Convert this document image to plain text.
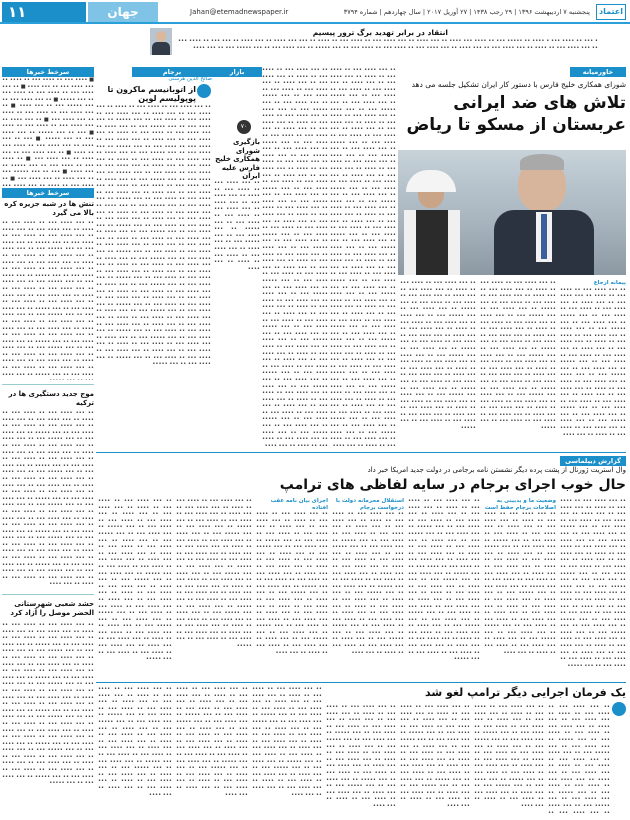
۱۱	جهان	Jahan@etemadnewspaper.ir	پنجشنبه ۷ اردیبهشت ۱۳۹۶ | ۲۹ رجب ۱۴۳۸ | ۲۷ آوریل ۲۰۱۷ | سال چهاردهم | شماره ۳۷۹۴	اعتماد
انتقاد در برابر تهدید برگ ترور پیسیم
• ••• •• •••• ••• • •••• •• ••••• ••• •• •••• ••• •••• •• ••• •••• •• ••• •••• ••• •• •••• ••• •• •••• •• ••• ••• •••• •• ••• •••• •• ••• ••• •• •••• ••• •• ••• •••• ••• •• •••• •• ••• •••• ••• •• ••• •••• •• ••• •••• ••• •• •••• ••• •• •••• ••• •• ••• ••••• •• ••• •••• ••• •• ••• ••••• ••• •• ••• ••••
برجام
صالح الدین هرسنی
از اتوبانیسم ماکرون تا پوپولیسم لوپن
•• ••• •••• ••• •• •••• ••• •• •••• •• ••• •••• ••• •• ••• •••• •• ••• •••• ••• •• •••• ••• •• •••• ••• •• ••• ••••• •• ••• •••• ••• •• ••• ••••• ••• •• ••• •••• •• ••• •••• ••• •• •••• ••• •• •••• •• ••• •••• ••• •• ••• •••• •• ••• •••• ••• •• •••• ••• •• •••• ••• •• ••• ••••• •• ••• •••• ••• •• ••• ••••• ••• •• ••• •••• •• ••• •••• ••• •• •••• ••• •• •••• •• ••• •••• ••• •• ••• •••• •• ••• •••• ••• •• •••• ••• •• •••• ••• •• ••• ••••• •• ••• •••• ••• •• ••• ••••• ••• •• ••• •••• •• ••• •••• ••• •• •••• ••• •• •••• •• ••• •••• ••• •• ••• •••• •• ••• •••• ••• •• •••• ••• •• •••• ••• •• ••• ••••• •• ••• •••• ••• •• ••• ••••• ••• •• ••• •••• •• ••• •••• ••• •• •••• ••• •• •••• •• ••• •••• ••• •• ••• •••• •• ••• •••• ••• •• •••• ••• •• •••• ••• •• ••• ••••• •• ••• •••• ••• •• ••• ••••• ••• •• ••• •••• •• ••• •••• ••• •• •••• ••• •• •••• •• ••• •••• ••• •• ••• •••• •• ••• •••• ••• •• •••• ••• •• •••• ••• •• ••• ••••• •• ••• •••• ••• •• ••• ••••• ••• •• ••• •••• •• ••• •••• ••• •• •••• ••• •• •••• •• ••• •••• ••• •• ••• •••• •• ••• •••• ••• •• •••• ••• •• •••• ••• •• ••• ••••• •• ••• •••• ••• •• ••• ••••• ••• •• ••• •••• •• ••• •••• ••• •• •••• ••• •• •••• •• ••• •••• ••• •• ••• •••• •• ••• •••• ••• •• •••• ••• •• •••• ••• •• ••• ••••• •• ••• •••• ••• •• ••• ••••• ••• •• ••• •••• •• ••• •••• ••• •• •••• ••• •• •••• •• ••• •••• ••• •• ••• •••• •• ••• •••• ••• •• •••• ••• •• •••• ••• •• ••• ••••• •• ••• •••• ••• •• ••• ••••• ••• •• ••• •••• •• ••• •••• ••• •• •••• ••• •• •••• •• ••• •••• ••• •• ••• •••• •• ••• •••• ••• •• •••• ••• •• •••• ••• •• ••• ••••• •• ••• •••• ••• •• ••• •••••
سرخط خبرها
■ •••• ••• •• •••• ••• •• •••• •• ••• •••• ••• •• ••• •••• ■ •• ••• •••• ••• •• •••• ••• •• •••• ••• •• ••• ••••• ■ •• ••• •••• ••• •• ••• ••••• ••• •• ••• •••• ■ •• ••• •••• ••• •• •••• ••• •• •••• •• ••• •••• ••• ■ •• ••• •••• •• ••• •••• ••• •• •••• ••• •• •••• ■ ••• •• ••• ••••• •• ••• •••• ••• •• ••• ••••• ■ ••• •• ••• •••• •• ••• •••• ••• •• •••• ••• •• •••• ■ •• ••• •••• ••• •• ••• •••• •• ••• •••• ••• ■ •• •••• ••• •• •••• ••• •• ••• ••••• •• ••• •••• ■ ••• •• ••• ••••• ••• •• ••• •••• •• ••• •••• ••• ■ •• •••• ••• •• •••• •• ••• •••• •••
سرخط خبرها
تنش ها در شبه جزیره کره بالا می گیرد
•• ••• •••• ••• •• •••• ••• •• •••• •• ••• •••• ••• •• ••• •••• •• ••• •••• ••• •• •••• ••• •• •••• ••• •• ••• ••••• •• ••• •••• ••• •• ••• ••••• ••• •• ••• •••• •• ••• •••• ••• •• •••• ••• •• •••• •• ••• •••• ••• •• ••• •••• •• ••• •••• ••• •• •••• ••• •• •••• ••• •• ••• ••••• •• ••• •••• ••• •• ••• ••••• ••• •• ••• •••• •• ••• •••• ••• •• •••• ••• •• •••• •• ••• •••• ••• •• ••• •••• •• ••• •••• ••• •• •••• ••• •• •••• ••• •• ••• ••••• •• ••• •••• ••• •• ••• ••••• ••• •• ••• •••• •• ••• •••• ••• •• •••• ••• •• •••• •• ••• •••• ••• •• ••• •••• •• ••• •••• ••• •• •••• ••• •• •••• ••• •• ••• ••••• •• ••• •••• ••• •• ••• ••••• ••• •• ••• •••• •• ••• •••• ••• •• •••• ••• •• •••• •• ••• •••• ••• •• ••• •••• •• ••• •••• ••• •• •••• ••• •• •••• ••• •• ••• ••••• •• ••• ••••
موج جدید دستگیری ها در ترکیه
•• ••• •••• ••• •• •••• ••• •• •••• •• ••• •••• ••• •• ••• •••• •• ••• •••• ••• •• •••• ••• •• •••• ••• •• ••• ••••• •• ••• •••• ••• •• ••• ••••• ••• •• ••• •••• •• ••• •••• ••• •• •••• ••• •• •••• •• ••• •••• ••• •• ••• •••• •• ••• •••• ••• •• •••• ••• •• •••• ••• •• ••• ••••• •• ••• •••• ••• •• ••• ••••• ••• •• ••• •••• •• ••• •••• ••• •• •••• ••• •• •••• •• ••• •••• ••• •• ••• •••• •• ••• •••• ••• •• •••• ••• •• •••• ••• •• ••• ••••• •• ••• •••• ••• •• ••• ••••• ••• •• ••• •••• •• ••• •••• ••• •• •••• ••• •• •••• •• ••• •••• ••• •• ••• •••• •• ••• •••• ••• •• •••• ••• •• •••• ••• •• ••• ••••• •• ••• •••• ••• •• ••• ••••• ••• •• ••• •••• •• ••• •••• ••• •• •••• ••• •• •••• •• ••• •••• ••• •• ••• •••• •• ••• •••• ••• •• •••• ••• •• •••• ••• •• ••• ••••• •• ••• •••• ••• •• ••• ••••• ••• •• ••• •••• •• ••• •••• ••• •• •••• ••• •• •••• •• ••• ••••
حشد شعبی شهرستانی الحضر موصل را آزاد کرد
•• ••• •••• ••• •• •••• ••• •• •••• •• ••• •••• ••• •• ••• •••• •• ••• •••• ••• •• •••• ••• •• •••• ••• •• ••• ••••• •• ••• •••• ••• •• ••• ••••• ••• •• ••• •••• •• ••• •••• ••• •• •••• ••• •• •••• •• ••• •••• ••• •• ••• •••• •• ••• •••• ••• •• •••• ••• •• •••• ••• •• ••• ••••• •• ••• •••• ••• •• ••• ••••• ••• •• ••• •••• •• ••• •••• ••• •• •••• ••• •• •••• •• ••• •••• ••• •• ••• •••• •• ••• •••• ••• •• •••• ••• •• •••• ••• •• ••• ••••• •• ••• •••• ••• •• ••• ••••• ••• •• ••• •••• •• ••• •••• ••• •• •••• ••• •• •••• •• ••• •••• ••• •• ••• •••• •• ••• •••• ••• •• •••• ••• •• •••• ••• •• ••• ••••• •• ••• •••• ••• •• ••• ••••• ••• •• ••• •••• •• ••• •••• ••• •• •••• ••• •• •••• •• ••• •••• ••• •• ••• •••• •• ••• •••• ••• •• •••• ••• •• •••• ••• •• ••• ••••• •• ••• •••• ••• •• ••• •••••
بازار
۷۰
بازگیری شورای همکاری خلیج فارس علیه ایران
•• ••• •••• ••• •• •••• ••• •• •••• •• ••• •••• ••• •• ••• •••• •• ••• •••• ••• •• •••• ••• •• •••• ••• •• ••• ••••• •• ••• •••• ••• •• ••• ••••• ••• •• ••• •••• •• ••• •••• ••• •• •••• ••• •• •••• •• ••• ••••
•• ••• •••• ••• •• •••• ••• •• •••• •• ••• •••• ••• •• ••• •••• •• ••• •••• ••• •• •••• ••• •• •••• ••• •• ••• ••••• •• ••• •••• ••• •• ••• ••••• ••• •• ••• •••• •• ••• •••• ••• •• •••• ••• •• •••• •• ••• •••• ••• •• ••• •••• •• ••• •••• ••• •• •••• ••• •• •••• ••• •• ••• ••••• •• ••• •••• ••• •• ••• ••••• ••• •• ••• •••• •• ••• •••• ••• •• •••• ••• •• •••• •• ••• •••• ••• •• ••• •••• •• ••• •••• ••• •• •••• ••• •• •••• ••• •• ••• ••••• •• ••• •••• ••• •• ••• ••••• ••• •• ••• •••• •• ••• •••• ••• •• •••• ••• •• •••• •• ••• •••• ••• •• ••• •••• •• ••• •••• ••• •• •••• ••• •• •••• ••• •• ••• ••••• •• ••• •••• ••• •• ••• ••••• ••• •• ••• •••• •• ••• •••• ••• •• •••• ••• •• •••• •• ••• •••• ••• •• ••• •••• •• ••• •••• ••• •• •••• ••• •• •••• ••• •• ••• ••••• •• ••• •••• ••• •• ••• ••••• ••• •• ••• •••• •• ••• •••• ••• •• •••• ••• •• •••• •• ••• •••• ••• •• ••• •••• •• ••• •••• ••• •• •••• ••• •• •••• ••• •• ••• ••••• •• ••• •••• ••• •• ••• ••••• ••• •• ••• •••• •• ••• •••• ••• •• •••• ••• •• •••• •• ••• •••• ••• •• ••• •••• •• ••• •••• ••• •• •••• ••• •• •••• ••• •• ••• ••••• •• ••• •••• ••• •• ••• ••••• ••• •• ••• •••• •• ••• •••• ••• •• •••• ••• •• •••• •• ••• •••• ••• •• ••• •••• •• ••• •••• ••• •• •••• ••• •• •••• ••• •• ••• ••••• •• ••• •••• ••• •• ••• ••••• ••• •• ••• •••• •• ••• •••• ••• •• •••• ••• •• •••• •• ••• ••••
•• ••• •••• ••• •• •••• ••• •• •••• •• ••• •••• ••• •• ••• •••• •• ••• •••• ••• •• •••• ••• •• •••• ••• •• ••• ••••• •• ••• •••• ••• •• ••• ••••• ••• •• ••• •••• •• ••• •••• ••• •• •••• ••• •• •••• •• ••• •••• ••• •• ••• •••• •• ••• •••• ••• •• •••• ••• •• •••• ••• •• ••• ••••• •• ••• •••• ••• •• ••• ••••• ••• •• ••• •••• •• ••• •••• ••• •• •••• ••• •• •••• •• ••• •••• ••• •• ••• •••• •• ••• •••• ••• •• •••• ••• •• •••• ••• •• ••• ••••• •• ••• •••• ••• •• ••• ••••• ••• •• ••• •••• •• ••• •••• ••• •• •••• ••• •• •••• •• ••• •••• ••• •• ••• •••• •• ••• •••• ••• •• •••• ••• •• •••• ••• •• ••• ••••• •• ••• •••• ••• •• ••• ••••• ••• •• ••• •••• •• ••• •••• ••• •• •••• ••• •• •••• •• ••• •••• ••• •• ••• •••• •• ••• •••• ••• •• •••• ••• •• •••• ••• •• ••• ••••• •• ••• •••• ••• •• ••• ••••• ••• •• ••• •••• •• ••• •••• ••• •• •••• ••• •• •••• •• ••• •••• ••• •• ••• •••• •• ••• •••• ••• •• •••• ••• •• •••• ••• •• ••• ••••• •• ••• •••• ••• •• ••• ••••• ••• •• ••• •••• •• ••• •••• ••• •• •••• ••• •• •••• •• ••• •••• ••• •• ••• •••• •• ••• •••• ••• •• •••• ••• •• •••• ••• •• ••• ••••• •• ••• •••• ••• •• ••• ••••• ••• •• ••• •••• •• ••• •••• ••• •• •••• ••• •• •••• •• ••• •••• ••• •• ••• •••• •• ••• •••• ••• •• •••• ••• •• •••• ••• •• ••• ••••• •• ••• •••• ••• •• ••• ••••• ••• •• ••• •••• •• ••• •••• ••• •• •••• ••• •• •••• •• ••• ••••
خاورمیانه
شورای همکاری خلیج فارس با دستور کار ایران تشکیل جلسه می دهد
تلاش های ضد ایرانی عربستان از مسکو تا ریاض
پیمانه ارجاع
•• ••• •••• ••• •• •••• ••• •• •••• •• ••• •••• ••• •• ••• •••• •• ••• •••• ••• •• •••• ••• •• •••• ••• •• ••• ••••• •• ••• •••• ••• •• ••• ••••• ••• •• ••• •••• •• ••• •••• ••• •• •••• ••• •• •••• •• ••• •••• ••• •• ••• •••• •• ••• •••• ••• •• •••• ••• •• •••• ••• •• ••• ••••• •• ••• •••• ••• •• ••• ••••• ••• •• ••• •••• •• ••• •••• ••• •• •••• ••• •• •••• •• ••• •••• ••• •• ••• •••• •• ••• •••• ••• •• •••• ••• •• •••• ••• •• ••• ••••• •• ••• •••• ••• •• ••• ••••• ••• •• ••• •••• •• ••• •••• ••• •• •••• ••• •• •••• •• ••• ••••
•• ••• •••• ••• •• •••• ••• •• •••• •• ••• •••• ••• •• ••• •••• •• ••• •••• ••• •• •••• ••• •• •••• ••• •• ••• ••••• •• ••• •••• ••• •• ••• ••••• ••• •• ••• •••• •• ••• •••• ••• •• •••• ••• •• •••• •• ••• •••• ••• •• ••• •••• •• ••• •••• ••• •• •••• ••• •• •••• ••• •• ••• ••••• •• ••• •••• ••• •• ••• ••••• ••• •• ••• •••• •• ••• •••• ••• •• •••• ••• •• •••• •• ••• •••• ••• •• ••• •••• •• ••• •••• ••• •• •••• ••• •• •••• ••• •• ••• ••••• •• ••• •••• ••• •• ••• ••••• ••• •• ••• •••• •• ••• •••• ••• •• •••• ••• •• •••• •• ••• •••• ••• •• ••• •••• •• ••• •••• ••• •• •••• ••• •• •••• ••• •• ••• •••••
•• ••• •••• ••• •• •••• ••• •• •••• •• ••• •••• ••• •• ••• •••• •• ••• •••• ••• •• •••• ••• •• •••• ••• •• ••• ••••• •• ••• •••• ••• •• ••• ••••• ••• •• ••• •••• •• ••• •••• ••• •• •••• ••• •• •••• •• ••• •••• ••• •• ••• •••• •• ••• •••• ••• •• •••• ••• •• •••• ••• •• ••• ••••• •• ••• •••• ••• •• ••• ••••• ••• •• ••• •••• •• ••• •••• ••• •• •••• ••• •• •••• •• ••• •••• ••• •• ••• •••• •• ••• •••• ••• •• •••• ••• •• •••• ••• •• ••• ••••• •• ••• •••• ••• •• ••• ••••• ••• •• ••• •••• •• ••• •••• ••• •• •••• ••• •• •••• •• ••• •••• ••• •• ••• •••• •• ••• •••• ••• •• •••• ••• •• •••• ••• •• ••• •••••
گزارش دیپلماسی
وال استریت ژورنال از پشت پرده دیگر نشستن نامه برجامی در دولت جدید امریکا خبر داد
حال خوب اجرای برجام در سایه لفاظی های ترامپ
•• ••• •••• ••• •• •••• ••• •• •••• •• ••• •••• ••• •• ••• •••• •• ••• •••• ••• •• •••• ••• •• •••• ••• •• ••• ••••• •• ••• •••• ••• •• ••• ••••• ••• •• ••• •••• •• ••• •••• ••• •• •••• ••• •• •••• •• ••• •••• ••• •• ••• •••• •• ••• •••• ••• •• •••• ••• •• •••• ••• •• ••• ••••• •• ••• •••• ••• •• ••• ••••• ••• •• ••• •••• •• ••• •••• ••• •• •••• ••• •• •••• •• ••• •••• ••• •• ••• •••• •• ••• •••• ••• •• •••• ••• •• •••• ••• •• ••• ••••• •• ••• •••• ••• •• ••• ••••• ••• •• ••• •••• •• ••• •••• ••• •• •••• ••• •• •••• •• ••• •••• ••• •• ••• •••• •• ••• •••• ••• •• •••• ••• •• •••• ••• •• ••• •••••
وضعیت ما و بدبینی به اصلاحات برجام حفظ است
•• ••• •••• ••• •• •••• ••• •• •••• •• ••• •••• ••• •• ••• •••• •• ••• •••• ••• •• •••• ••• •• •••• ••• •• ••• ••••• •• ••• •••• ••• •• ••• ••••• ••• •• ••• •••• •• ••• •••• ••• •• •••• ••• •• •••• •• ••• •••• ••• •• ••• •••• •• ••• •••• ••• •• •••• ••• •• •••• ••• •• ••• ••••• •• ••• •••• ••• •• ••• ••••• ••• •• ••• •••• •• ••• •••• ••• •• •••• ••• •• •••• •• ••• •••• ••• •• ••• •••• •• ••• •••• ••• •• •••• ••• •• •••• ••• •• ••• ••••• •• ••• •••• ••• •• ••• ••••• ••• •• ••• •••• •• ••• •••• ••• •• •••• ••• •• •••• •• ••• ••••
•• ••• •••• ••• •• •••• ••• •• •••• •• ••• •••• ••• •• ••• •••• •• ••• •••• ••• •• •••• ••• •• •••• ••• •• ••• ••••• •• ••• •••• ••• •• ••• ••••• ••• •• ••• •••• •• ••• •••• ••• •• •••• ••• •• •••• •• ••• •••• ••• •• ••• •••• •• ••• •••• ••• •• •••• ••• •• •••• ••• •• ••• ••••• •• ••• •••• ••• •• ••• ••••• ••• •• ••• •••• •• ••• •••• ••• •• •••• ••• •• •••• •• ••• •••• ••• •• ••• •••• •• ••• •••• ••• •• •••• ••• •• •••• ••• •• ••• ••••• •• ••• •••• ••• •• ••• ••••• ••• •• ••• •••• •• ••• •••• ••• •• •••• ••• •• •••• •• ••• •••• ••• •• ••• •••• •• ••• •••• ••• •• •••• ••• •• •••• ••• •• ••• •••••
استقلال محرمانه دولت با درخواست برجام
•• ••• •••• ••• •• •••• ••• •• •••• •• ••• •••• ••• •• ••• •••• •• ••• •••• ••• •• •••• ••• •• •••• ••• •• ••• ••••• •• ••• •••• ••• •• ••• ••••• ••• •• ••• •••• •• ••• •••• ••• •• •••• ••• •• •••• •• ••• •••• ••• •• ••• •••• •• ••• •••• ••• •• •••• ••• •• •••• ••• •• ••• ••••• •• ••• •••• ••• •• ••• ••••• ••• •• ••• •••• •• ••• •••• ••• •• •••• ••• •• •••• •• ••• •••• ••• •• ••• •••• •• ••• •••• ••• •• •••• ••• •• •••• ••• •• ••• ••••• •• ••• •••• ••• •• ••• ••••• ••• •• ••• •••• •• ••• •••• ••• •• •••• ••• •• •••• •• ••• ••••
اجرای بیان نامه عقب افتاده
•• ••• •••• ••• •• •••• ••• •• •••• •• ••• •••• ••• •• ••• •••• •• ••• •••• ••• •• •••• ••• •• •••• ••• •• ••• ••••• •• ••• •••• ••• •• ••• ••••• ••• •• ••• •••• •• ••• •••• ••• •• •••• ••• •• •••• •• ••• •••• ••• •• ••• •••• •• ••• •••• ••• •• •••• ••• •• •••• ••• •• ••• ••••• •• ••• •••• ••• •• ••• ••••• ••• •• ••• •••• •• ••• •••• ••• •• •••• ••• •• •••• •• ••• •••• ••• •• ••• •••• •• ••• •••• ••• •• •••• ••• •• •••• ••• •• ••• ••••• •• ••• •••• ••• •• ••• ••••• ••• •• ••• •••• •• ••• •••• ••• •• •••• ••• •• •••• •• ••• ••••
•• ••• •••• ••• •• •••• ••• •• •••• •• ••• •••• ••• •• ••• •••• •• ••• •••• ••• •• •••• ••• •• •••• ••• •• ••• ••••• •• ••• •••• ••• •• ••• ••••• ••• •• ••• •••• •• ••• •••• ••• •• •••• ••• •• •••• •• ••• •••• ••• •• ••• •••• •• ••• •••• ••• •• •••• ••• •• •••• ••• •• ••• ••••• •• ••• •••• ••• •• ••• ••••• ••• •• ••• •••• •• ••• •••• ••• •• •••• ••• •• •••• •• ••• •••• ••• •• ••• •••• •• ••• •••• ••• •• •••• ••• •• •••• ••• •• ••• ••••• •• ••• •••• ••• •• ••• ••••• ••• •• ••• •••• •• ••• •••• ••• •• •••• ••• •• •••• •• ••• •••• ••• •• ••• •••• •• ••• •••• ••• •• •••• ••• •• •••• ••• •• ••• •••••
•• ••• •••• ••• •• •••• ••• •• •••• •• ••• •••• ••• •• ••• •••• •• ••• •••• ••• •• •••• ••• •• •••• ••• •• ••• ••••• •• ••• •••• ••• •• ••• ••••• ••• •• ••• •••• •• ••• •••• ••• •• •••• ••• •• •••• •• ••• •••• ••• •• ••• •••• •• ••• •••• ••• •• •••• ••• •• •••• ••• •• ••• ••••• •• ••• •••• ••• •• ••• ••••• ••• •• ••• •••• •• ••• •••• ••• •• •••• ••• •• •••• •• ••• •••• ••• •• ••• •••• •• ••• •••• ••• •• •••• ••• •• •••• ••• •• ••• ••••• •• ••• •••• ••• •• ••• ••••• ••• •• ••• •••• •• ••• •••• ••• •• •••• ••• •• •••• •• ••• •••• ••• •• ••• •••• •• ••• •••• ••• •• •••• ••• •• •••• ••• •• ••• •••••
یک فرمان اجرایی دیگر ترامپ لغو شد
•• ••• •••• ••• •• •••• ••• •• •••• •• ••• •••• ••• •• ••• •••• •• ••• •••• ••• •• •••• ••• •• •••• ••• •• ••• ••••• •• ••• •••• ••• •• ••• ••••• ••• •• ••• •••• •• ••• •••• ••• •• •••• ••• •• •••• •• ••• •••• ••• •• ••• •••• •• ••• •••• ••• •• •••• ••• •• •••• ••• •• ••• ••••• •• ••• •••• ••• •• ••• ••••• ••• •• ••• •••• •• ••• •••• ••• ••
•• ••• •••• ••• •• •••• ••• •• •••• •• ••• •••• ••• •• ••• •••• •• ••• •••• ••• •• •••• ••• •• •••• ••• •• ••• ••••• •• ••• •••• ••• •• ••• ••••• ••• •• ••• •••• •• ••• •••• ••• •• •••• ••• •• •••• •• ••• •••• ••• •• ••• •••• •• ••• •••• ••• •• •••• ••• •• •••• ••• •• ••• ••••• •• ••• •••• ••• •• ••• ••••• ••• •• ••• •••• •• ••• •••• ••• •• •••• ••• •• •••• •• ••• ••••
•• ••• •••• ••• •• •••• ••• •• •••• •• ••• •••• ••• •• ••• •••• •• ••• •••• ••• •• •••• ••• •• •••• ••• •• ••• ••••• •• ••• •••• ••• •• ••• ••••• ••• •• ••• •••• •• ••• •••• ••• •• •••• ••• •• •••• •• ••• •••• ••• •• ••• •••• •• ••• •••• ••• •• •••• ••• •• •••• ••• •• ••• ••••• •• ••• •••• ••• •• ••• ••••• ••• •• ••• •••• •• ••• •••• ••• •• •••• ••• •• •••• •• ••• ••••
•• ••• •••• ••• •• •••• ••• •• •••• •• ••• •••• ••• •• ••• •••• •• ••• •••• ••• •• •••• ••• •• •••• ••• •• ••• ••••• •• ••• •••• ••• •• ••• ••••• ••• •• ••• •••• •• ••• •••• ••• •• •••• ••• •• •••• •• ••• •••• ••• •• ••• •••• •• ••• •••• ••• •• •••• ••• •• •••• ••• •• ••• ••••• •• ••• •••• ••• •• ••• ••••• ••• •• ••• •••• •• ••• •••• ••• •• •••• ••• •• •••• •• ••• ••••
•• ••• •••• ••• •• •••• ••• •• •••• •• ••• •••• ••• •• ••• •••• •• ••• •••• ••• •• •••• ••• •• •••• ••• •• ••• ••••• •• ••• •••• ••• •• ••• ••••• ••• •• ••• •••• •• ••• •••• ••• •• •••• ••• •• •••• •• ••• •••• ••• •• ••• •••• •• ••• •••• ••• •• •••• ••• •• •••• ••• •• ••• ••••• •• ••• •••• ••• •• ••• ••••• ••• •• ••• •••• •• ••• •••• ••• •• •••• ••• •• •••• •• ••• •••• ••• •• ••• •••• •• ••• ••••
•• ••• •••• ••• •• •••• ••• •• •••• •• ••• •••• ••• •• ••• •••• •• ••• •••• ••• •• •••• ••• •• •••• ••• •• ••• ••••• •• ••• •••• ••• •• ••• ••••• ••• •• ••• •••• •• ••• •••• ••• •• •••• ••• •• •••• •• ••• •••• ••• •• ••• •••• •• ••• •••• ••• •• •••• ••• •• •••• ••• •• ••• ••••• •• ••• •••• ••• •• ••• ••••• ••• •• ••• •••• •• ••• •••• ••• •• •••• ••• •• •••• •• ••• •••• ••• •• ••• •••• •• ••• ••••
•• ••• •••• ••• •• •••• ••• •• •••• •• ••• •••• ••• •• ••• •••• •• ••• •••• ••• •• •••• ••• •• •••• ••• •• ••• ••••• •• ••• •••• ••• •• ••• ••••• ••• •• ••• •••• •• ••• •••• ••• •• •••• ••• •• •••• •• ••• •••• ••• •• ••• •••• •• ••• •••• ••• •• •••• ••• •• •••• ••• •• ••• ••••• •• ••• •••• ••• •• ••• ••••• ••• •• ••• •••• •• ••• •••• ••• •• •••• ••• •• •••• •• ••• •••• ••• •• ••• •••• •• ••• ••••
